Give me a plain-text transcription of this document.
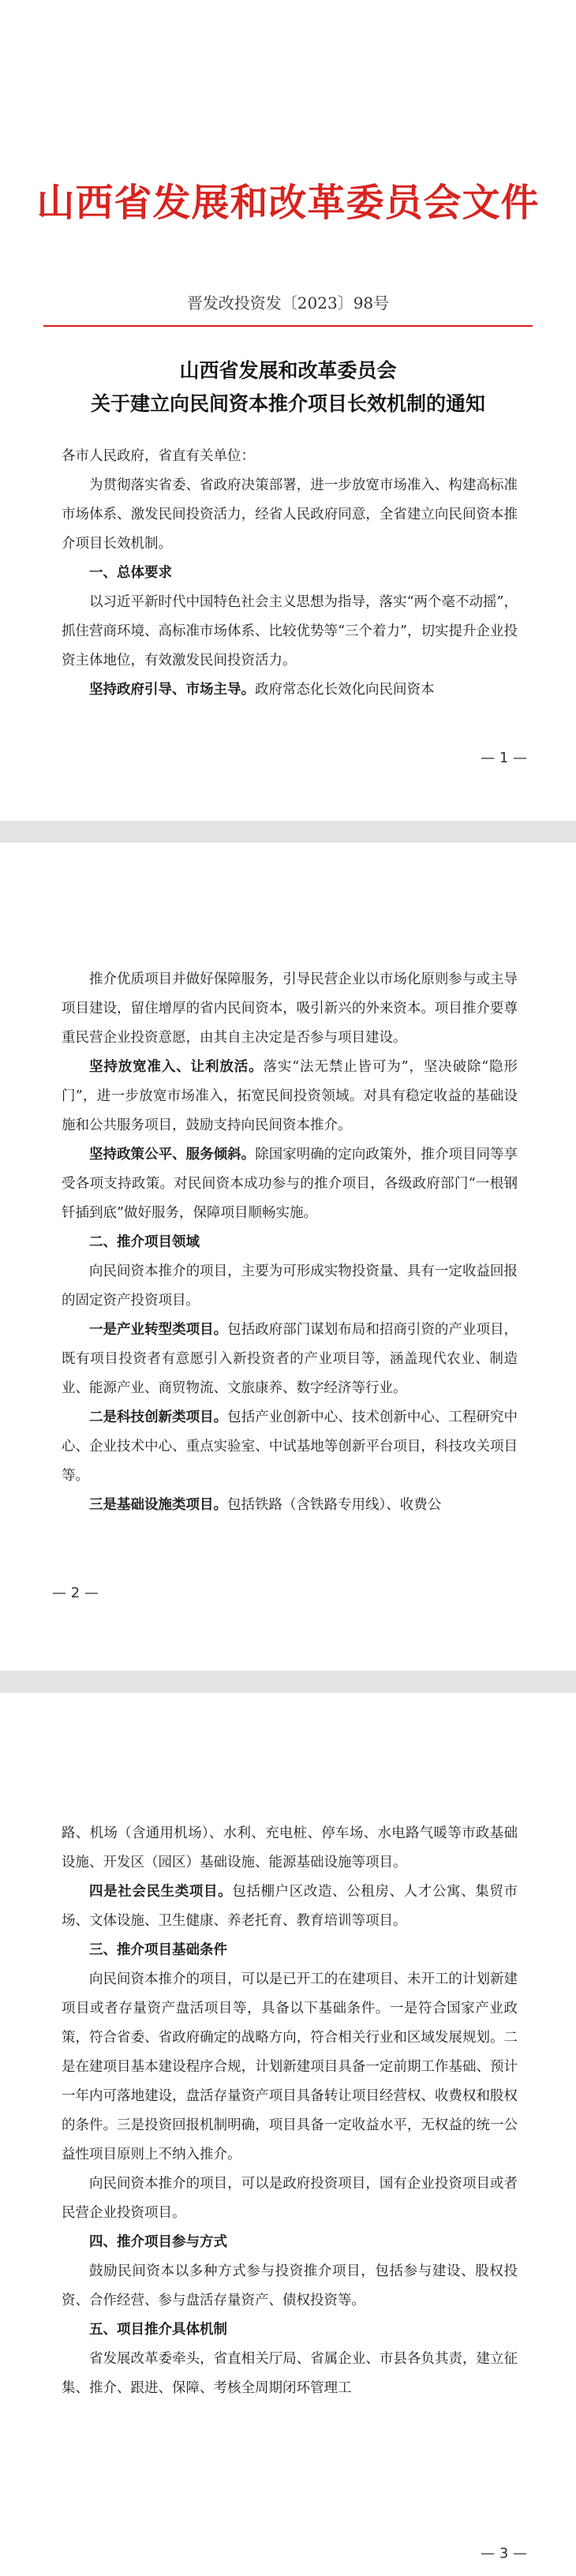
山西省发展和改革委员会文件
晋发改投资发〔2023〕98号
山西省发展和改革委员会
关于建立向民间资本推介项目长效机制的通知

各市人民政府，省直有关单位：

为贯彻落实省委、省政府决策部署，进一步放宽市场准入、构建高标准市场体系、激发民间投资活力，经省人民政府同意，全省建立向民间资本推介项目长效机制。

一、总体要求

以习近平新时代中国特色社会主义思想为指导，落实“两个毫不动摇”，抓住营商环境、高标准市场体系、比较优势等“三个着力”，切实提升企业投资主体地位，有效激发民间投资活力。

坚持政府引导、市场主导。政府常态化长效化向民间资本

— 1 —

推介优质项目并做好保障服务，引导民营企业以市场化原则参与或主导项目建设，留住增厚的省内民间资本，吸引新兴的外来资本。项目推介要尊重民营企业投资意愿，由其自主决定是否参与项目建设。

坚持放宽准入、让利放活。落实“法无禁止皆可为”，坚决破除“隐形门”，进一步放宽市场准入，拓宽民间投资领域。对具有稳定收益的基础设施和公共服务项目，鼓励支持向民间资本推介。

坚持政策公平、服务倾斜。除国家明确的定向政策外，推介项目同等享受各项支持政策。对民间资本成功参与的推介项目，各级政府部门“一根钢钎插到底”做好服务，保障项目顺畅实施。

二、推介项目领域

向民间资本推介的项目，主要为可形成实物投资量、具有一定收益回报的固定资产投资项目。

一是产业转型类项目。包括政府部门谋划布局和招商引资的产业项目，既有项目投资者有意愿引入新投资者的产业项目等，涵盖现代农业、制造业、能源产业、商贸物流、文旅康养、数字经济等行业。

二是科技创新类项目。包括产业创新中心、技术创新中心、工程研究中心、企业技术中心、重点实验室、中试基地等创新平台项目，科技攻关项目等。

三是基础设施类项目。包括铁路（含铁路专用线）、收费公

— 2 —

路、机场（含通用机场）、水利、充电桩、停车场、水电路气暖等市政基础设施、开发区（园区）基础设施、能源基础设施等项目。

四是社会民生类项目。包括棚户区改造、公租房、人才公寓、集贸市场、文体设施、卫生健康、养老托育、教育培训等项目。

三、推介项目基础条件

向民间资本推介的项目，可以是已开工的在建项目、未开工的计划新建项目或者存量资产盘活项目等，具备以下基础条件。一是符合国家产业政策，符合省委、省政府确定的战略方向，符合相关行业和区域发展规划。二是在建项目基本建设程序合规，计划新建项目具备一定前期工作基础、预计一年内可落地建设，盘活存量资产项目具备转让项目经营权、收费权和股权的条件。三是投资回报机制明确，项目具备一定收益水平，无权益的统一公益性项目原则上不纳入推介。

向民间资本推介的项目，可以是政府投资项目，国有企业投资项目或者民营企业投资项目。

四、推介项目参与方式

鼓励民间资本以多种方式参与投资推介项目，包括参与建设、股权投资、合作经营、参与盘活存量资产、债权投资等。

五、项目推介具体机制

省发展改革委牵头，省直相关厅局、省属企业、市县各负其责，建立征集、推介、跟进、保障、考核全周期闭环管理工

— 3 —
